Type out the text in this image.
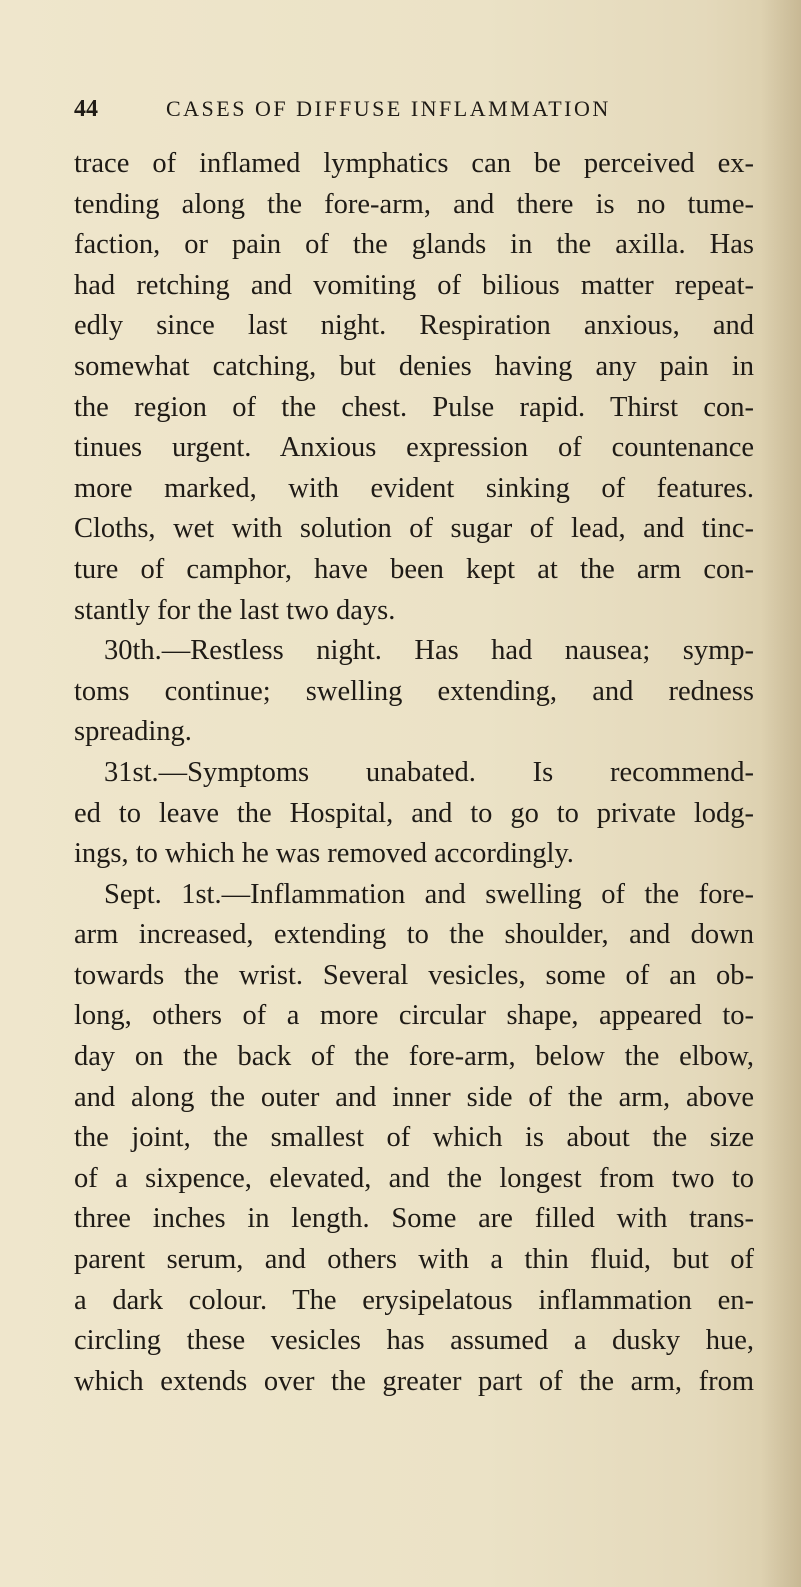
44	CASES OF DIFFUSE INFLAMMATION
trace of inflamed lymphatics can be perceived ex-
tending along the fore-arm, and there is no tume-
faction, or pain of the glands in the axilla. Has
had retching and vomiting of bilious matter repeat-
edly since last night. Respiration anxious, and
somewhat catching, but denies having any pain in
the region of the chest. Pulse rapid. Thirst con-
tinues urgent. Anxious expression of countenance
more marked, with evident sinking of features.
Cloths, wet with solution of sugar of lead, and tinc-
ture of camphor, have been kept at the arm con-
stantly for the last two days.
30th.—Restless night. Has had nausea; symp-
toms continue; swelling extending, and redness
spreading.
31st.—Symptoms unabated. Is recommend-
ed to leave the Hospital, and to go to private lodg-
ings, to which he was removed accordingly.
Sept. 1st.—Inflammation and swelling of the fore-
arm increased, extending to the shoulder, and down
towards the wrist. Several vesicles, some of an ob-
long, others of a more circular shape, appeared to-
day on the back of the fore-arm, below the elbow,
and along the outer and inner side of the arm, above
the joint, the smallest of which is about the size
of a sixpence, elevated, and the longest from two to
three inches in length. Some are filled with trans-
parent serum, and others with a thin fluid, but of
a dark colour. The erysipelatous inflammation en-
circling these vesicles has assumed a dusky hue,
which extends over the greater part of the arm, from
